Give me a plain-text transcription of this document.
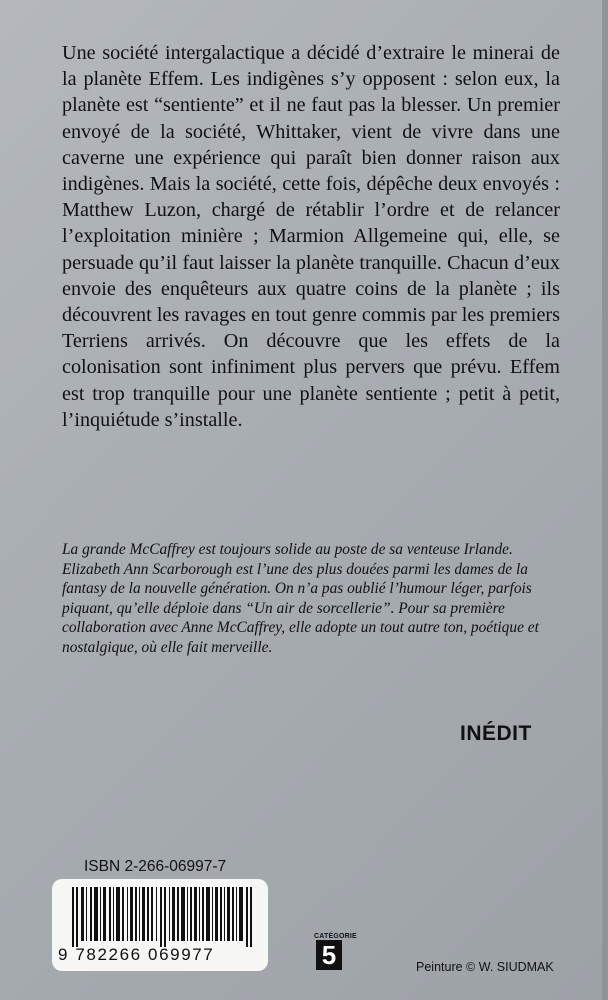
Une société intergalactique a décidé d’extraire le minerai de la planète Effem. Les indigènes s’y opposent : selon eux, la planète est “sentiente” et il ne faut pas la blesser. Un premier envoyé de la société, Whittaker, vient de vivre dans une caverne une expérience qui paraît bien donner raison aux indigènes. Mais la société, cette fois, dépêche deux envoyés : Matthew Luzon, chargé de rétablir l’ordre et de relancer l’exploitation minière ; Marmion Allgemeine qui, elle, se persuade qu’il faut laisser la planète tranquille. Chacun d’eux envoie des enquêteurs aux quatre coins de la planète ; ils découvrent les ravages en tout genre commis par les premiers Terriens arrivés. On découvre que les effets de la colonisation sont infiniment plus pervers que prévu. Effem est trop tranquille pour une planète sentiente ; petit à petit, l’inquiétude s’installe.

La grande McCaffrey est toujours solide au poste de sa venteuse Irlande.

Elizabeth Ann Scarborough est l’une des plus douées parmi les dames de la fantasy de la nouvelle génération. On n’a pas oublié l’humour léger, parfois piquant, qu’elle déploie dans “Un air de sorcellerie”. Pour sa première collaboration avec Anne McCaffrey, elle adopte un tout autre ton, poétique et nostalgique, où elle fait merveille.

INÉDIT
ISBN 2-266-06997-7
9 782266 069977
CATÉGORIE
5	Peinture © W. SIUDMAK
